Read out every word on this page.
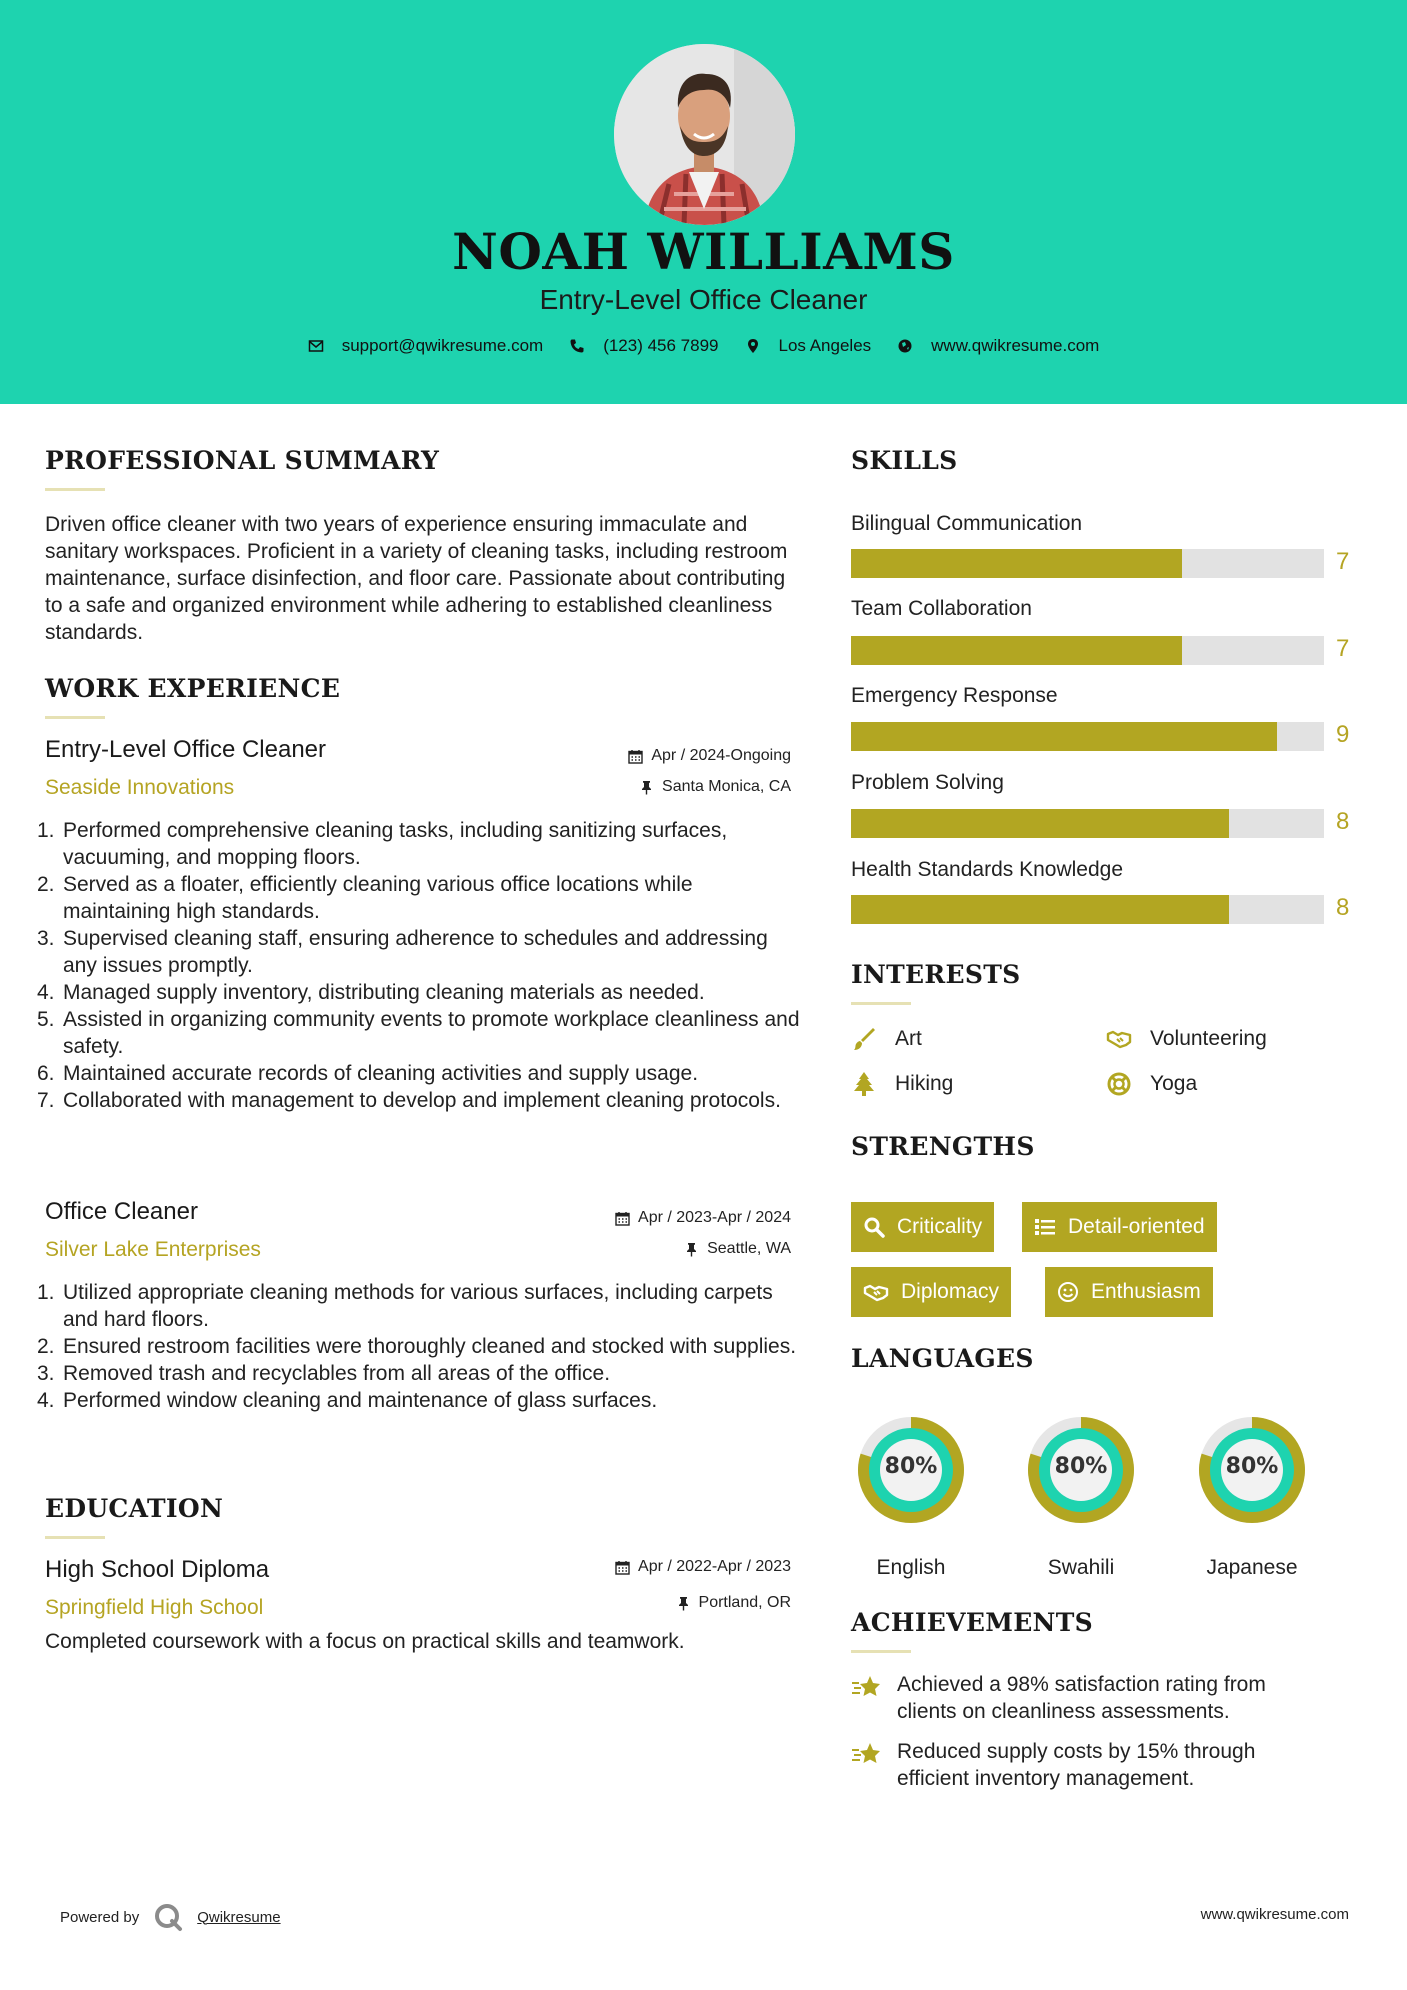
NOAH WILLIAMS
Entry-Level Office Cleaner
support@qwikresume.com	(123) 456 7899	Los Angeles	www.qwikresume.com
PROFESSIONAL SUMMARY
Driven office cleaner with two years of experience ensuring immaculate and sanitary workspaces. Proficient in a variety of cleaning tasks, including restroom maintenance, surface disinfection, and floor care. Passionate about contributing to a safe and organized environment while adhering to established cleanliness standards.
WORK EXPERIENCE
Entry-Level Office Cleaner
Seaside Innovations
Apr / 2024-Ongoing
Santa Monica, CA
1. Performed comprehensive cleaning tasks, including sanitizing surfaces, vacuuming, and mopping floors.
2. Served as a floater, efficiently cleaning various office locations while maintaining high standards.
3. Supervised cleaning staff, ensuring adherence to schedules and addressing any issues promptly.
4. Managed supply inventory, distributing cleaning materials as needed.
5. Assisted in organizing community events to promote workplace cleanliness and safety.
6. Maintained accurate records of cleaning activities and supply usage.
7. Collaborated with management to develop and implement cleaning protocols.
Office Cleaner
Silver Lake Enterprises
Apr / 2023-Apr / 2024
Seattle, WA
1. Utilized appropriate cleaning methods for various surfaces, including carpets and hard floors.
2. Ensured restroom facilities were thoroughly cleaned and stocked with supplies.
3. Removed trash and recyclables from all areas of the office.
4. Performed window cleaning and maintenance of glass surfaces.
EDUCATION
High School Diploma
Springfield High School
Apr / 2022-Apr / 2023
Portland, OR
Completed coursework with a focus on practical skills and teamwork.
SKILLS
Bilingual Communication
7
Team Collaboration
7
Emergency Response
9
Problem Solving
8
Health Standards Knowledge
8
INTERESTS
Art	Volunteering
Hiking	Yoga
STRENGTHS
Criticality	Detail-oriented
Diplomacy	Enthusiasm
LANGUAGES
80%
English
80%
Swahili
80%
Japanese
ACHIEVEMENTS
Achieved a 98% satisfaction rating from clients on cleanliness assessments.
Reduced supply costs by 15% through efficient inventory management.
Powered by	Qwikresume	www.qwikresume.com
